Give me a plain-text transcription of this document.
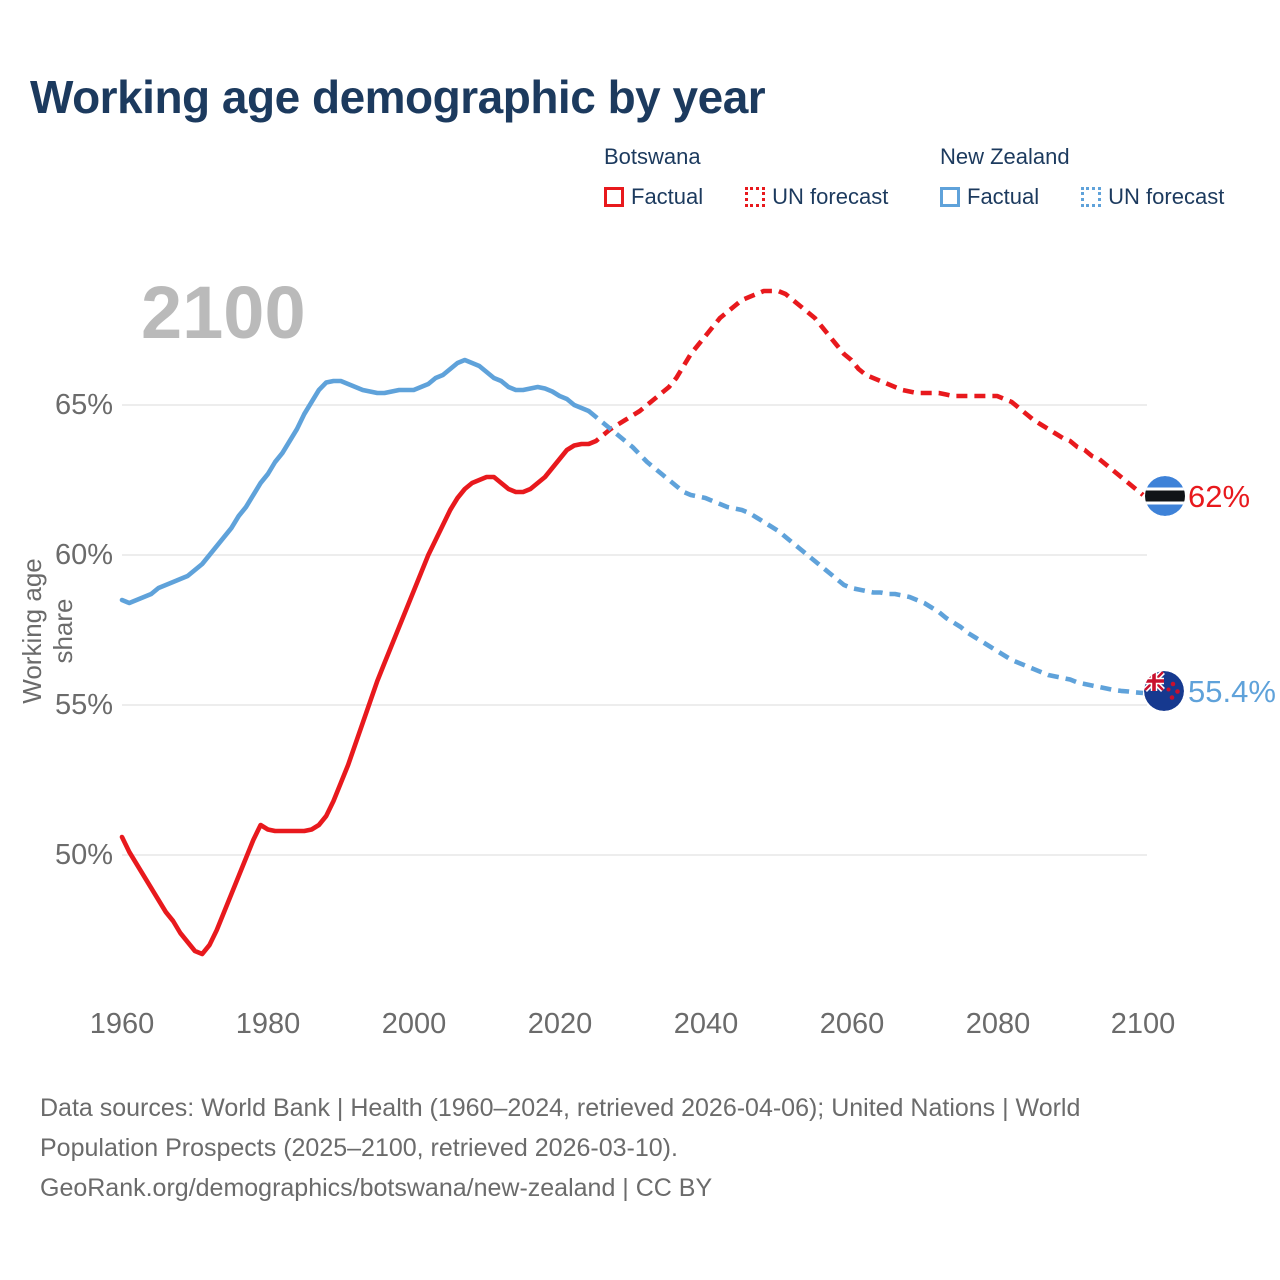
Working age demographic by year
2100
Botswana
Factual	UN forecast
New Zealand
Factual	UN forecast
Working age share
65%
60%
55%
50%
1960	1980	2000	2020	2040	2060	2080	2100
62%
55.4%
Data sources: World Bank | Health (1960–2024, retrieved 2026-04-06); United Nations | World
Population Prospects (2025–2100, retrieved 2026-03-10).
GeoRank.org/demographics/botswana/new-zealand | CC BY
